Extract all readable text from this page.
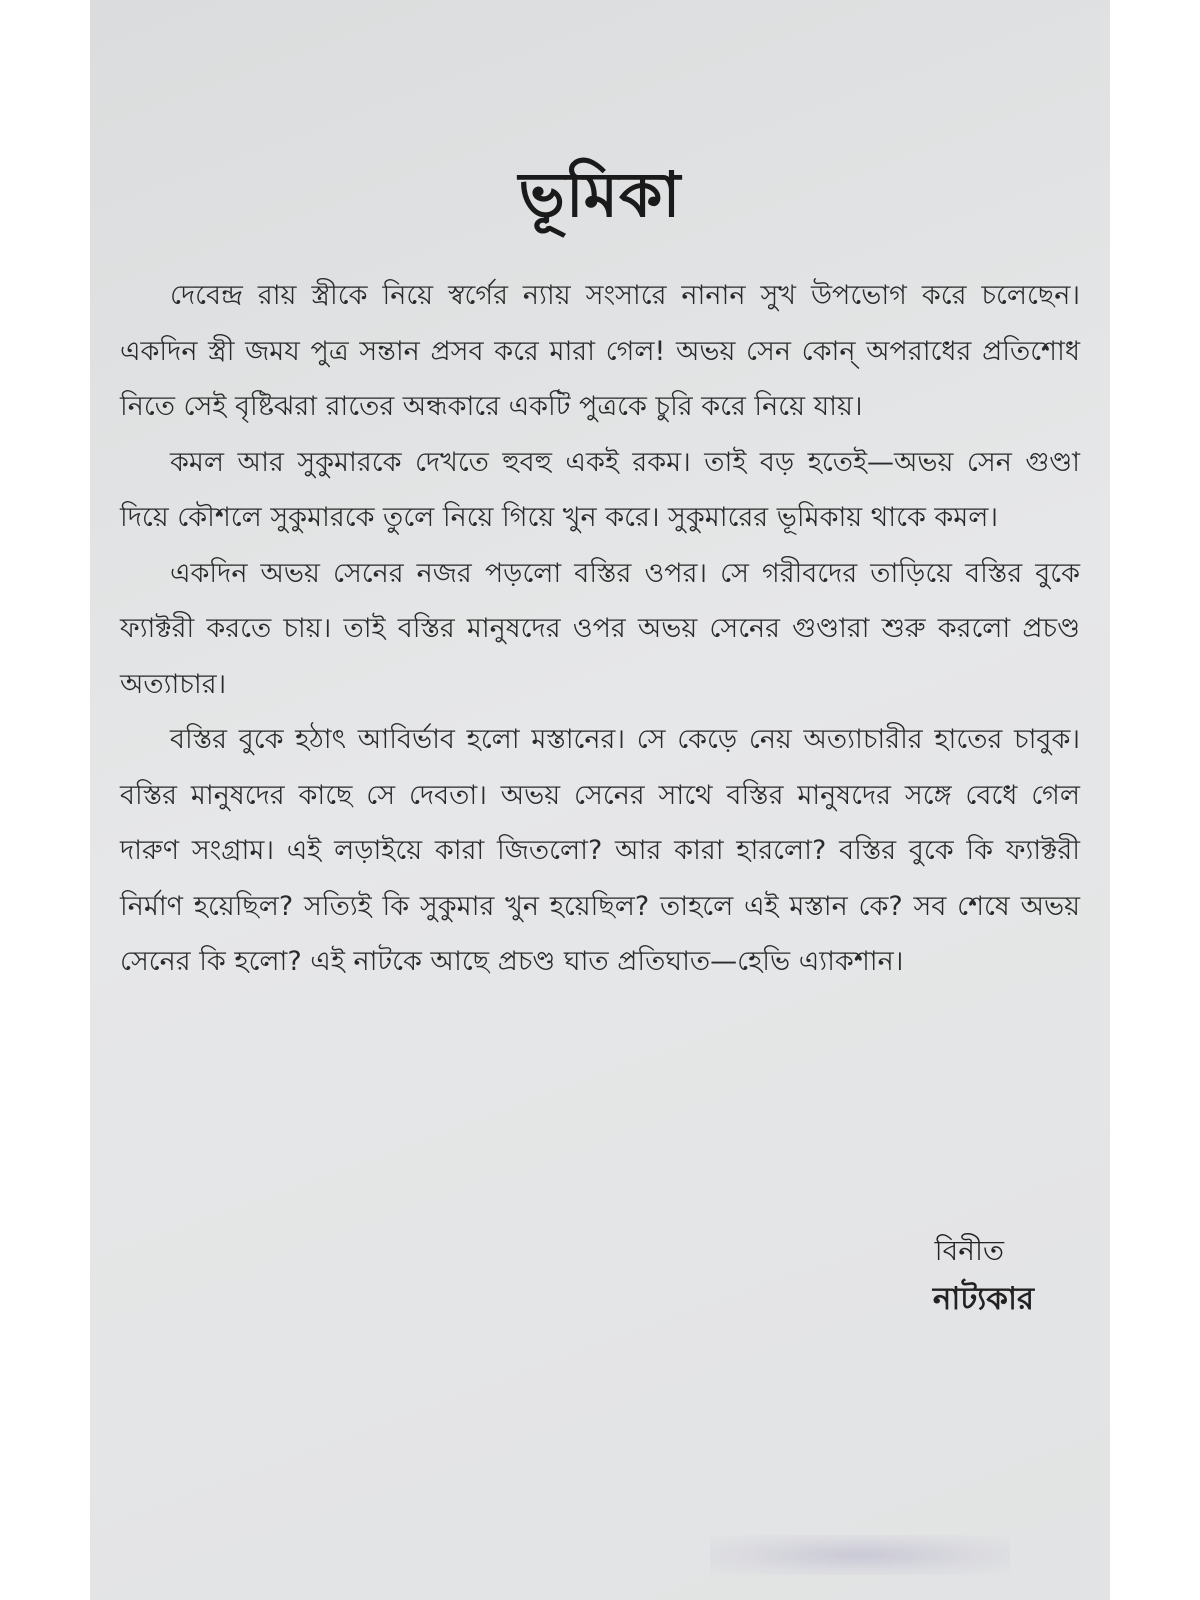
ভূমিকা

দেবেন্দ্র রায় স্ত্রীকে নিয়ে স্বর্গের ন্যায় সংসারে নানান সুখ উপভোগ করে চলেছেন। একদিন স্ত্রী জময পুত্র সন্তান প্রসব করে মারা গেল! অভয় সেন কোন্ অপরাধের প্রতিশোধ নিতে সেই বৃষ্টিঝরা রাতের অন্ধকারে একটি পুত্রকে চুরি করে নিয়ে যায়।

কমল আর সুকুমারকে দেখতে হুবহু একই রকম। তাই বড় হতেই—অভয় সেন গুণ্ডা দিয়ে কৌশলে সুকুমারকে তুলে নিয়ে গিয়ে খুন করে। সুকুমারের ভূমিকায় থাকে কমল।

একদিন অভয় সেনের নজর পড়লো বস্তির ওপর। সে গরীবদের তাড়িয়ে বস্তির বুকে ফ্যাক্টরী করতে চায়। তাই বস্তির মানুষদের ওপর অভয় সেনের গুণ্ডারা শুরু করলো প্রচণ্ড অত্যাচার।

বস্তির বুকে হঠাৎ আবির্ভাব হলো মস্তানের। সে কেড়ে নেয় অত্যাচারীর হাতের চাবুক। বস্তির মানুষদের কাছে সে দেবতা। অভয় সেনের সাথে বস্তির মানুষদের সঙ্গে বেধে গেল দারুণ সংগ্রাম। এই লড়াইয়ে কারা জিতলো? আর কারা হারলো? বস্তির বুকে কি ফ্যাক্টরী নির্মাণ হয়েছিল? সত্যিই কি সুকুমার খুন হয়েছিল? তাহলে এই মস্তান কে? সব শেষে অভয় সেনের কি হলো? এই নাটকে আছে প্রচণ্ড ঘাত প্রতিঘাত—হেভি এ্যাকশান।

বিনীত
নাট্যকার
